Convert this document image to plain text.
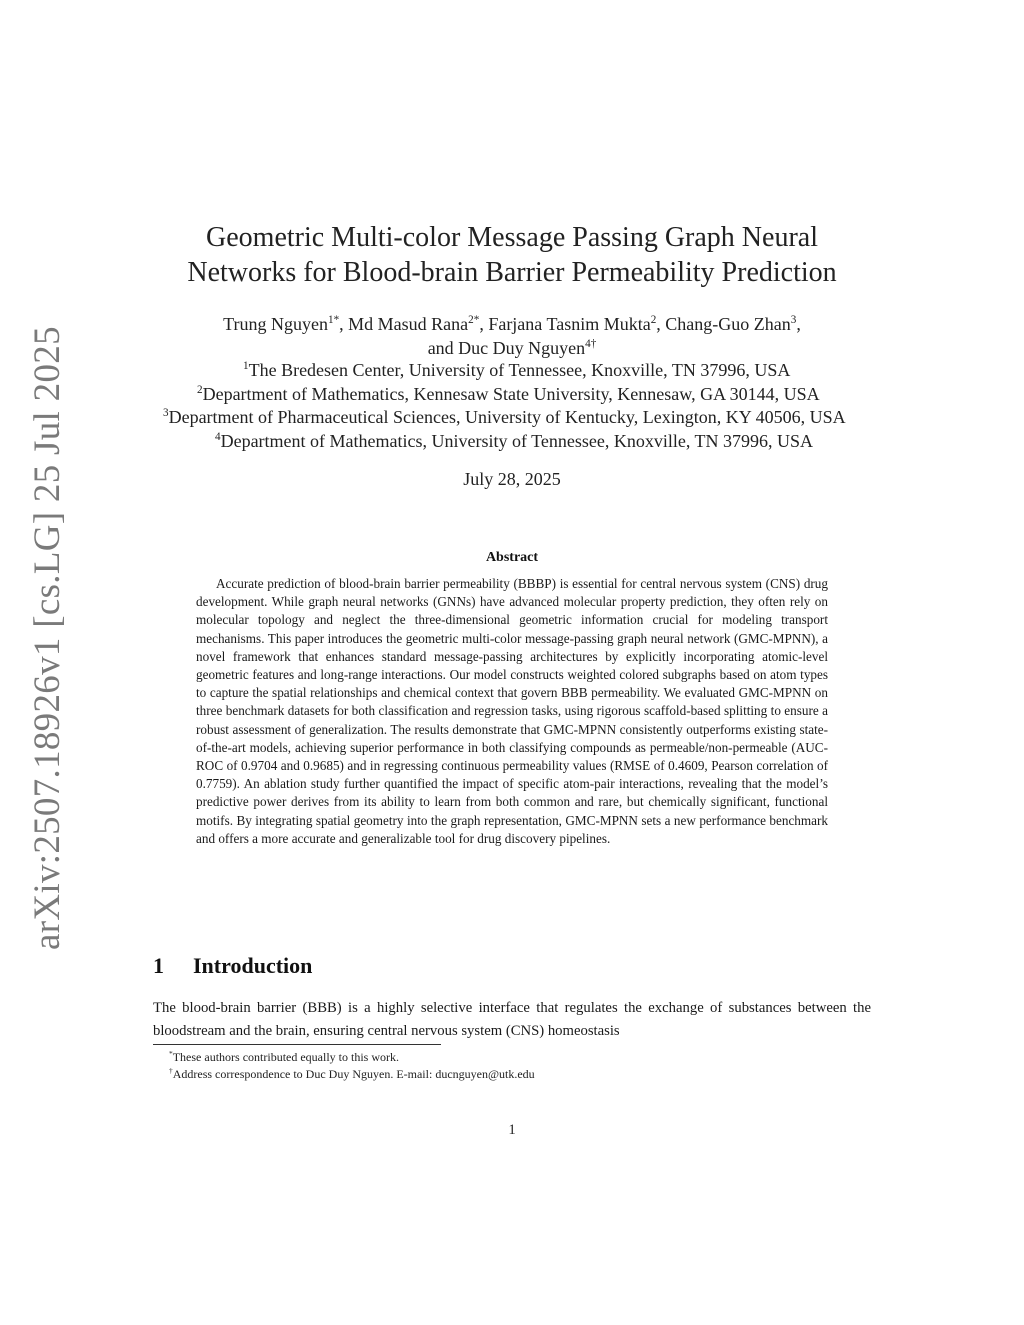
arXiv:2507.18926v1 [cs.LG] 25 Jul 2025
Geometric Multi-color Message Passing Graph Neural
Networks for Blood-brain Barrier Permeability Prediction
Trung Nguyen$^{1*}$, Md Masud Rana$^{2*}$, Farjana Tasnim Mukta$^2$, Chang-Guo Zhan$^3$,
and Duc Duy Nguyen$^{4\dagger}$
$^1$The Bredesen Center, University of Tennessee, Knoxville, TN 37996, USA
$^2$Department of Mathematics, Kennesaw State University, Kennesaw, GA 30144, USA
$^3$Department of Pharmaceutical Sciences, University of Kentucky, Lexington, KY 40506, USA
$^4$Department of Mathematics, University of Tennessee, Knoxville, TN 37996, USA
July 28, 2025
Abstract

Accurate prediction of blood-brain barrier permeability (BBBP) is essential for central nervous system (CNS) drug development. While graph neural networks (GNNs) have advanced molecular property prediction, they often rely on molecular topology and neglect the three-dimensional geometric information crucial for modeling transport mechanisms. This paper introduces the geometric multi-color message-passing graph neural network (GMC-MPNN), a novel framework that enhances standard message-passing architectures by explicitly incorporating atomic-level geometric features and long-range interactions. Our model constructs weighted colored subgraphs based on atom types to capture the spatial relationships and chemical context that govern BBB permeability. We evaluated GMC-MPNN on three benchmark datasets for both classification and regression tasks, using rigorous scaffold-based splitting to ensure a robust assessment of generalization. The results demonstrate that GMC-MPNN consistently outperforms existing state-of-the-art models, achieving superior performance in both classifying compounds as permeable/non-permeable (AUC-ROC of 0.9704 and 0.9685) and in regressing continuous permeability values (RMSE of 0.4609, Pearson correlation of 0.7759). An ablation study further quantified the impact of specific atom-pair interactions, revealing that the model’s predictive power derives from its ability to learn from both common and rare, but chemically significant, functional motifs. By integrating spatial geometry into the graph representation, GMC-MPNN sets a new performance benchmark and offers a more accurate and generalizable tool for drug discovery pipelines.

1 Introduction

The blood-brain barrier (BBB) is a highly selective interface that regulates the exchange of substances between the bloodstream and the brain, ensuring central nervous system (CNS) homeostasis

*These authors contributed equally to this work.
†Address correspondence to Duc Duy Nguyen. E-mail: ducnguyen@utk.edu
1
